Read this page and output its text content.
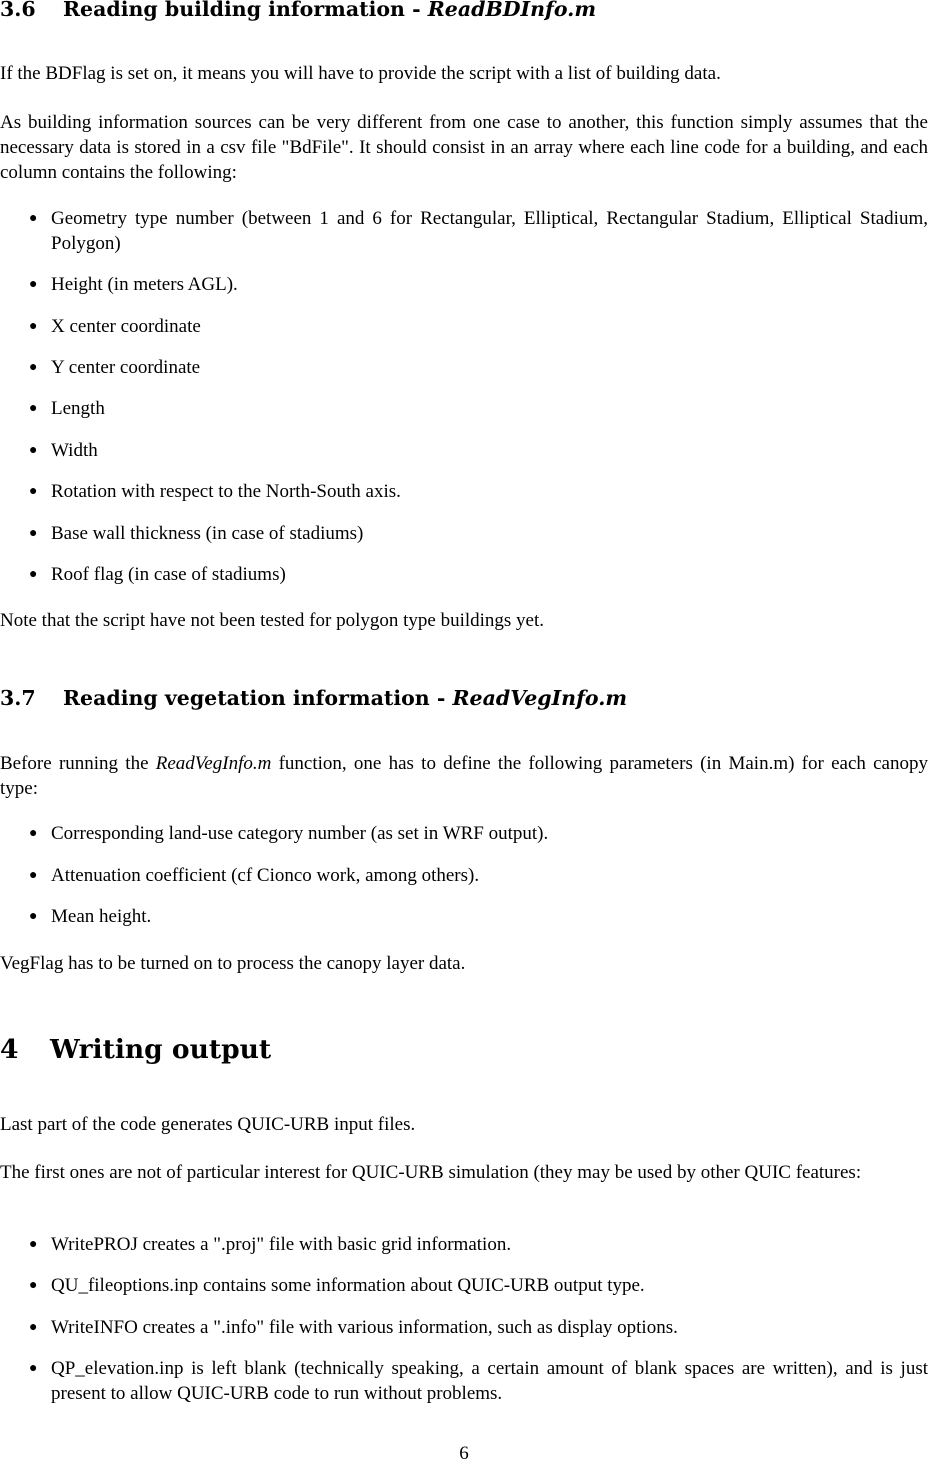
3.6 Reading building information - ReadBDInfo.m

If the BDFlag is set on, it means you will have to provide the script with a list of building data.

As building information sources can be very different from one case to another, this function simply assumes that the necessary data is stored in a csv file "BdFile". It should consist in an array where each line code for a building, and each column contains the following:

● Geometry type number (between 1 and 6 for Rectangular, Elliptical, Rectangular Stadium, Elliptical Stadium, Polygon)
● Height (in meters AGL).
● X center coordinate
● Y center coordinate
● Length
● Width
● Rotation with respect to the North-South axis.
● Base wall thickness (in case of stadiums)
● Roof flag (in case of stadiums)

Note that the script have not been tested for polygon type buildings yet.

3.7 Reading vegetation information - ReadVegInfo.m

Before running the ReadVegInfo.m function, one has to define the following parameters (in Main.m) for each canopy type:

● Corresponding land-use category number (as set in WRF output).
● Attenuation coefficient (cf Cionco work, among others).
● Mean height.

VegFlag has to be turned on to process the canopy layer data.

4 Writing output

Last part of the code generates QUIC-URB input files.

The first ones are not of particular interest for QUIC-URB simulation (they may be used by other QUIC features:

● WritePROJ creates a ".proj" file with basic grid information.
● QU_fileoptions.inp contains some information about QUIC-URB output type.
● WriteINFO creates a ".info" file with various information, such as display options.
● QP_elevation.inp is left blank (technically speaking, a certain amount of blank spaces are written), and is just present to allow QUIC-URB code to run without problems.
6
